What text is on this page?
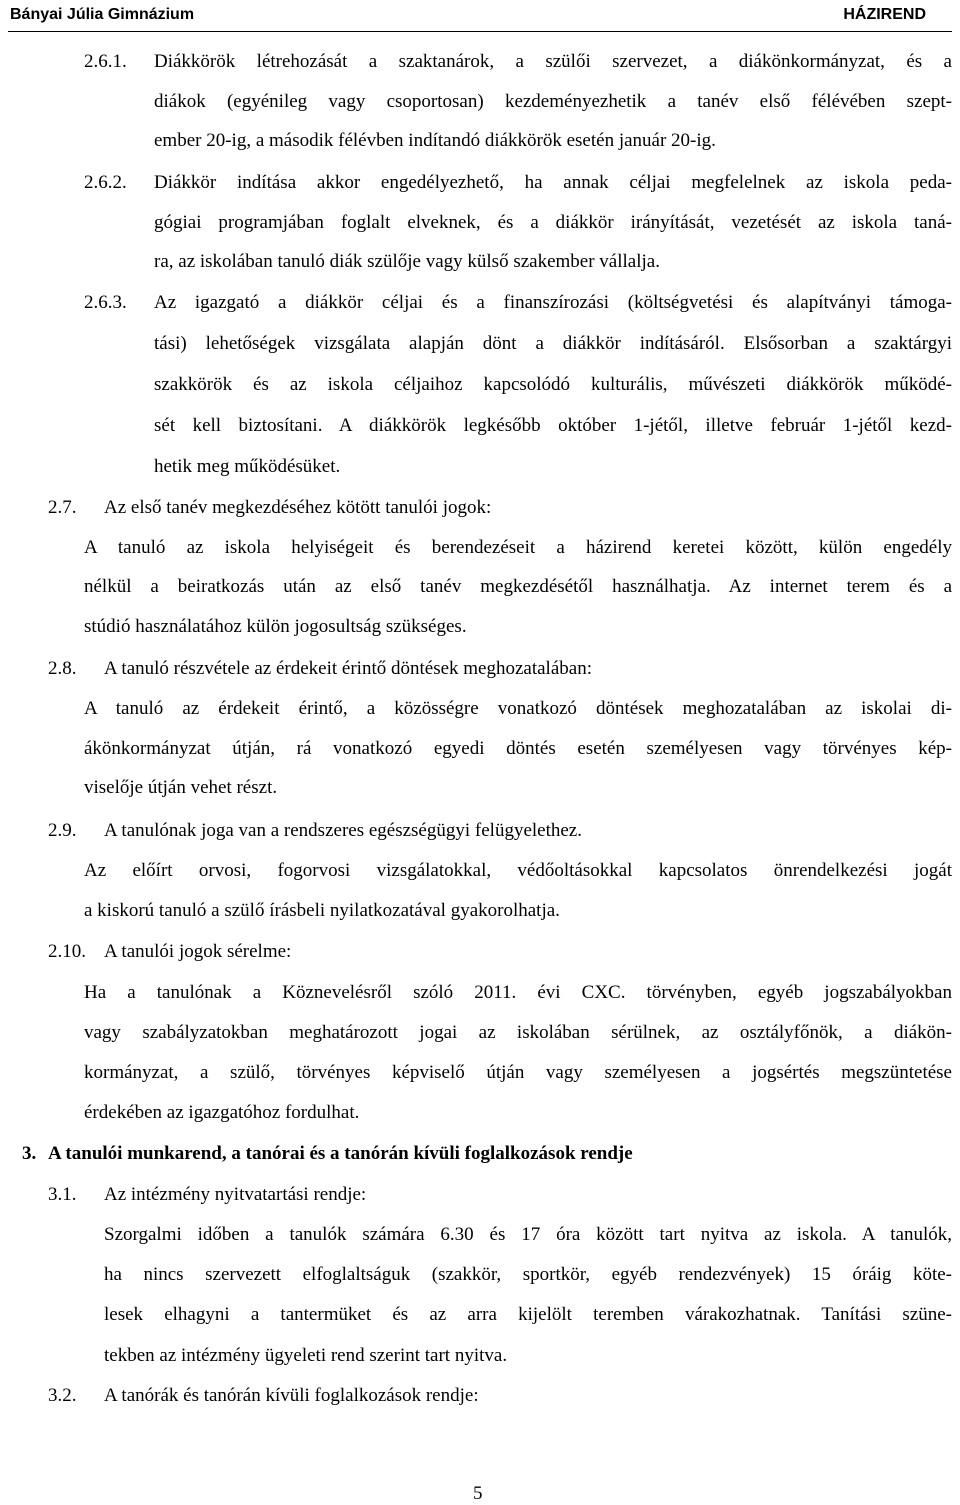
Bányai Júlia Gimnázium	HÁZIREND
2.6.1. Diákkörök létrehozását a szaktanárok, a szülői szervezet, a diákönkormányzat, és a
diákok (egyénileg vagy csoportosan) kezdeményezhetik a tanév első félévében szept-
ember 20-ig, a második félévben indítandó diákkörök esetén január 20-ig.
2.6.2. Diákkör indítása akkor engedélyezhető, ha annak céljai megfelelnek az iskola peda-
gógiai programjában foglalt elveknek, és a diákkör irányítását, vezetését az iskola taná-
ra, az iskolában tanuló diák szülője vagy külső szakember vállalja.
2.6.3. Az igazgató a diákkör céljai és a finanszírozási (költségvetési és alapítványi támoga-
tási) lehetőségek vizsgálata alapján dönt a diákkör indításáról. Elsősorban a szaktárgyi
szakkörök és az iskola céljaihoz kapcsolódó kulturális, művészeti diákkörök működé-
sét kell biztosítani. A diákkörök legkésőbb október 1-jétől, illetve február 1-jétől kezd-
hetik meg működésüket.
2.7. Az első tanév megkezdéséhez kötött tanulói jogok:
A tanuló az iskola helyiségeit és berendezéseit a házirend keretei között, külön engedély
nélkül a beiratkozás után az első tanév megkezdésétől használhatja. Az internet terem és a
stúdió használatához külön jogosultság szükséges.
2.8. A tanuló részvétele az érdekeit érintő döntések meghozatalában:
A tanuló az érdekeit érintő, a közösségre vonatkozó döntések meghozatalában az iskolai di-
ákönkormányzat útján, rá vonatkozó egyedi döntés esetén személyesen vagy törvényes kép-
viselője útján vehet részt.
2.9. A tanulónak joga van a rendszeres egészségügyi felügyelethez.
Az előírt orvosi, fogorvosi vizsgálatokkal, védőoltásokkal kapcsolatos önrendelkezési jogát
a kiskorú tanuló a szülő írásbeli nyilatkozatával gyakorolhatja.
2.10. A tanulói jogok sérelme:
Ha a tanulónak a Köznevelésről szóló 2011. évi CXC. törvényben, egyéb jogszabályokban
vagy szabályzatokban meghatározott jogai az iskolában sérülnek, az osztályfőnök, a diákön-
kormányzat, a szülő, törvényes képviselő útján vagy személyesen a jogsértés megszüntetése
érdekében az igazgatóhoz fordulhat.
3. A tanulói munkarend, a tanórai és a tanórán kívüli foglalkozások rendje
3.1. Az intézmény nyitvatartási rendje:
Szorgalmi időben a tanulók számára 6.30 és 17 óra között tart nyitva az iskola. A tanulók,
ha nincs szervezett elfoglaltságuk (szakkör, sportkör, egyéb rendezvények) 15 óráig köte-
lesek elhagyni a tantermüket és az arra kijelölt teremben várakozhatnak. Tanítási szüne-
tekben az intézmény ügyeleti rend szerint tart nyitva.
3.2. A tanórák és tanórán kívüli foglalkozások rendje:
5
